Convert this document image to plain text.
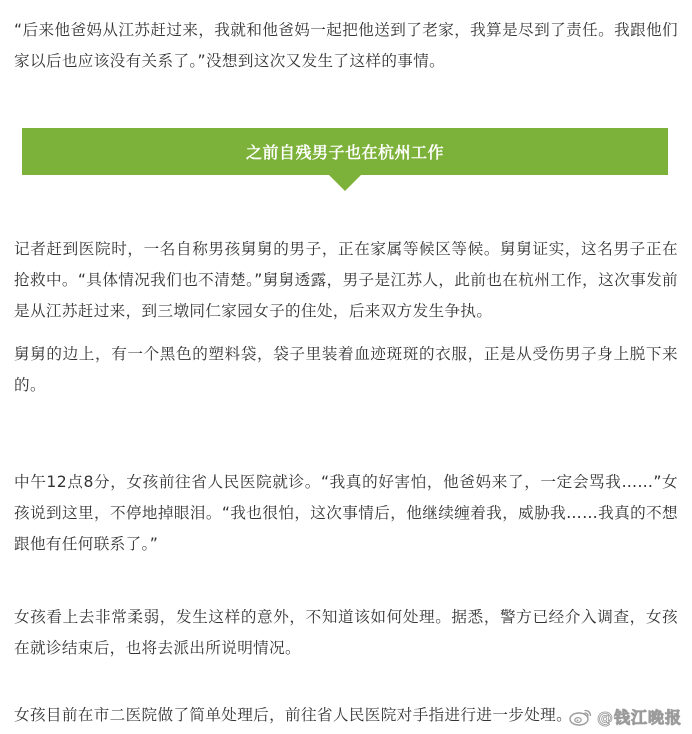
“后来他爸妈从江苏赶过来，我就和他爸妈一起把他送到了老家，我算是尽到了责任。我跟他们家以后也应该没有关系了。”没想到这次又发生了这样的事情。

之前自残男子也在杭州工作

记者赶到医院时，一名自称男孩舅舅的男子，正在家属等候区等候。舅舅证实，这名男子正在抢救中。“具体情况我们也不清楚。”舅舅透露，男子是江苏人，此前也在杭州工作，这次事发前是从江苏赶过来，到三墩同仁家园女子的住处，后来双方发生争执。

舅舅的边上，有一个黑色的塑料袋，袋子里装着血迹斑斑的衣服，正是从受伤男子身上脱下来的。

中午12点8分，女孩前往省人民医院就诊。“我真的好害怕，他爸妈来了，一定会骂我……”女孩说到这里，不停地掉眼泪。“我也很怕，这次事情后，他继续缠着我，威胁我……我真的不想跟他有任何联系了。”

女孩看上去非常柔弱，发生这样的意外，不知道该如何处理。据悉，警方已经介入调查，女孩在就诊结束后，也将去派出所说明情况。

女孩目前在市二医院做了简单处理后，前往省人民医院对手指进行进一步处理。	@钱江晚报
